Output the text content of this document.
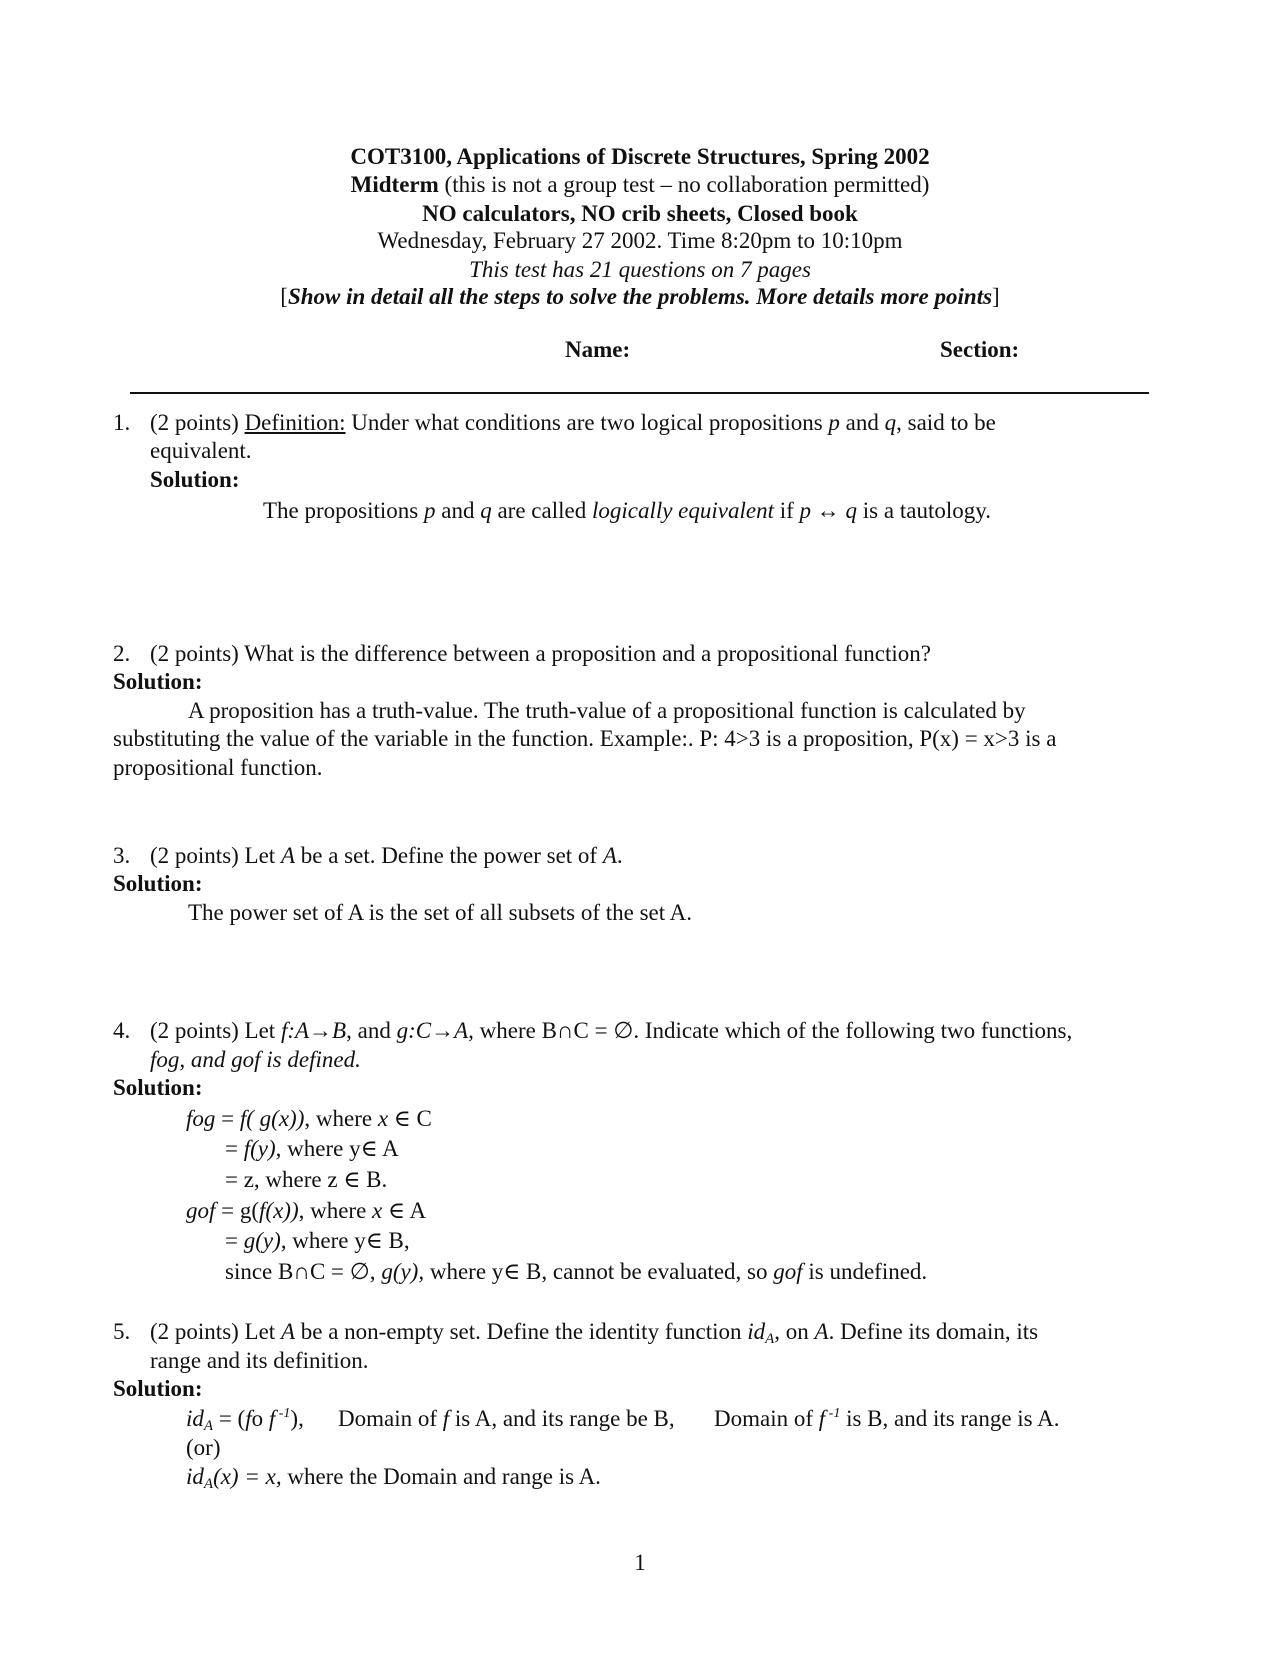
COT3100, Applications of Discrete Structures, Spring 2002
Midterm (this is not a group test – no collaboration permitted)
NO calculators, NO crib sheets, Closed book
Wednesday, February 27 2002. Time 8:20pm to 10:10pm
This test has 21 questions on 7 pages
[Show in detail all the steps to solve the problems. More details more points]
Name:	Section:
1. (2 points) Definition: Under what conditions are two logical propositions p and q, said to be
equivalent.
Solution:
The propositions p and q are called logically equivalent if p ↔ q is a tautology.
2. (2 points) What is the difference between a proposition and a propositional function?
Solution:
A proposition has a truth-value. The truth-value of a propositional function is calculated by
substituting the value of the variable in the function. Example:. P: 4>3 is a proposition, P(x) = x>3 is a
propositional function.
3. (2 points) Let A be a set. Define the power set of A.
Solution:
The power set of A is the set of all subsets of the set A.
4. (2 points) Let f:A→B, and g:C→A, where B∩C = ∅. Indicate which of the following two functions,
fοg, and gοf is defined.
Solution:
fοg = f( g(x)), where x ∈ C
= f(y), where y∈ A
= z, where z ∈ B.
gοf = g(f(x)), where x ∈ A
= g(y), where y∈ B,
since B∩C = ∅, g(y), where y∈ B, cannot be evaluated, so gοf is undefined.
5. (2 points) Let A be a non-empty set. Define the identity function $id_A$, on A. Define its domain, its
range and its definition.
Solution:
$id_A = (fo$ f $^{-1}$), Domain of f is A, and its range be B, Domain of f $^{-1}$ is B, and its range is A.
(or)
$id_A(x) = x$, where the Domain and range is A.
1
